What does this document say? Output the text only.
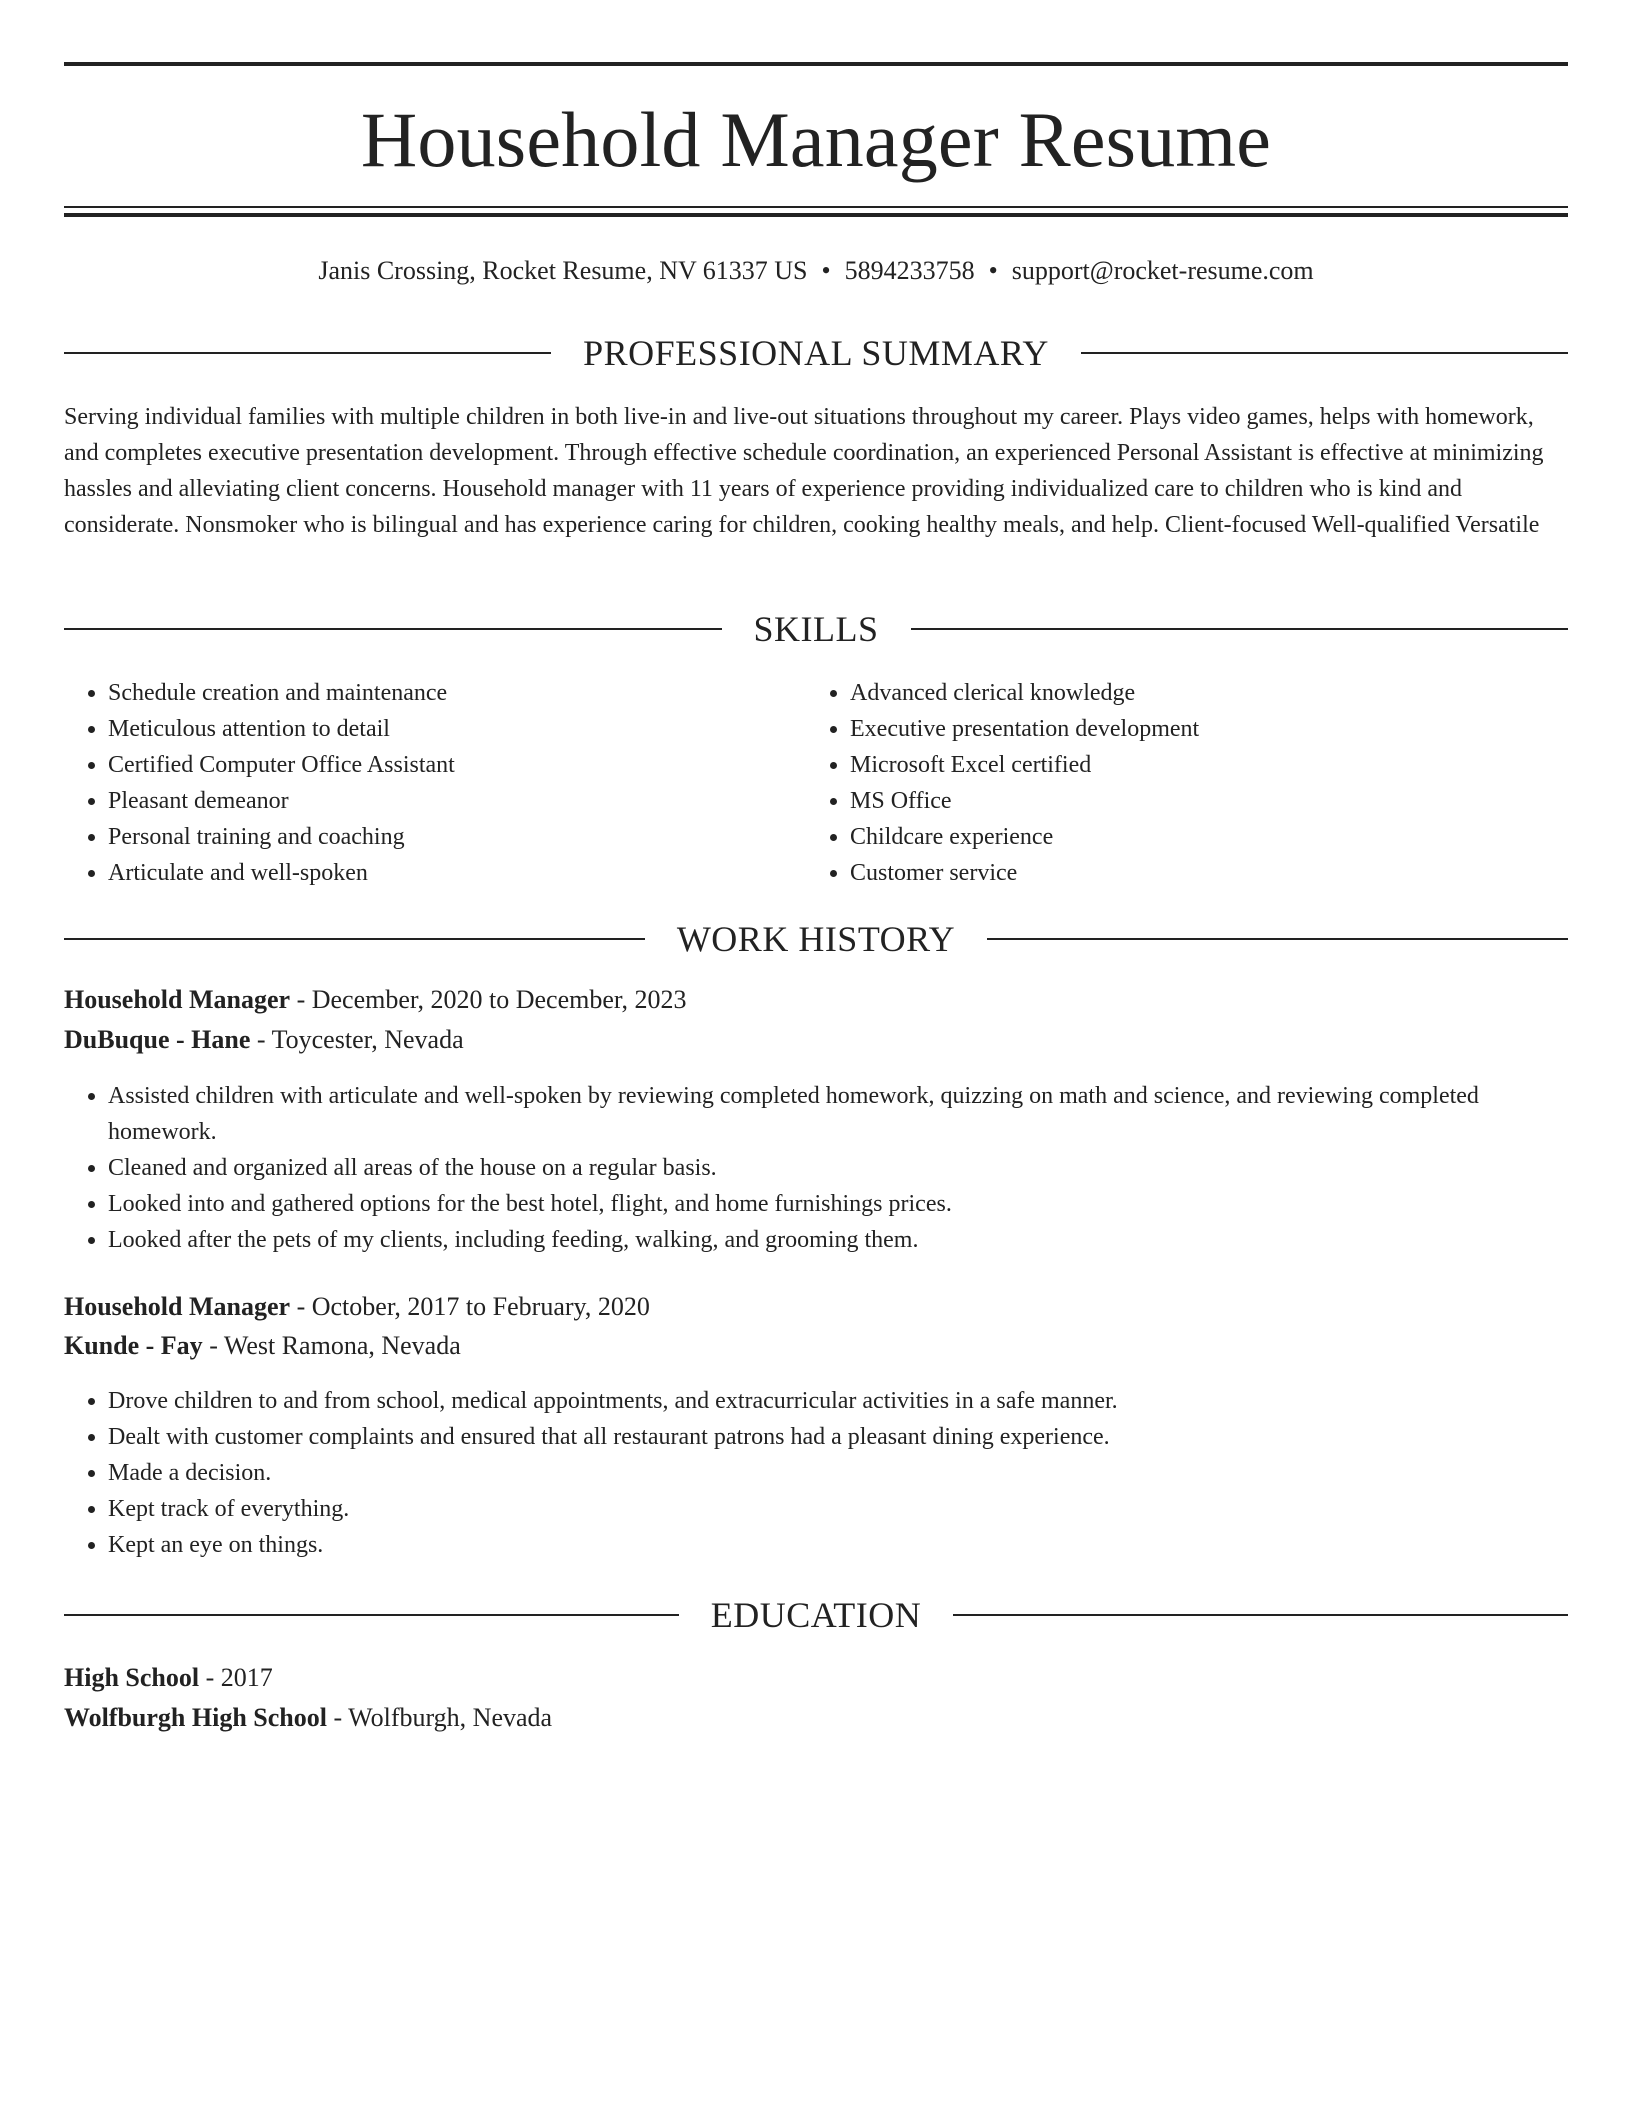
Household Manager Resume
Janis Crossing, Rocket Resume, NV 61337 US • 5894233758 • support@rocket-resume.com
PROFESSIONAL SUMMARY

Serving individual families with multiple children in both live-in and live-out situations throughout my career. Plays video games, helps with homework, and completes executive presentation development. Through effective schedule coordination, an experienced Personal Assistant is effective at minimizing hassles and alleviating client concerns. Household manager with 11 years of experience providing individualized care to children who is kind and considerate. Nonsmoker who is bilingual and has experience caring for children, cooking healthy meals, and help. Client-focused Well-qualified Versatile

SKILLS
• Schedule creation and maintenance
• Meticulous attention to detail
• Certified Computer Office Assistant
• Pleasant demeanor
• Personal training and coaching
• Articulate and well-spoken
• Advanced clerical knowledge
• Executive presentation development
• Microsoft Excel certified
• MS Office
• Childcare experience
• Customer service
WORK HISTORY

Household Manager - December, 2020 to December, 2023

DuBuque - Hane - Toycester, Nevada

• Assisted children with articulate and well-spoken by reviewing completed homework, quizzing on math and science, and reviewing completed homework.
• Cleaned and organized all areas of the house on a regular basis.
• Looked into and gathered options for the best hotel, flight, and home furnishings prices.
• Looked after the pets of my clients, including feeding, walking, and grooming them.

Household Manager - October, 2017 to February, 2020

Kunde - Fay - West Ramona, Nevada

• Drove children to and from school, medical appointments, and extracurricular activities in a safe manner.
• Dealt with customer complaints and ensured that all restaurant patrons had a pleasant dining experience.
• Made a decision.
• Kept track of everything.
• Kept an eye on things.
EDUCATION

High School - 2017

Wolfburgh High School - Wolfburgh, Nevada
